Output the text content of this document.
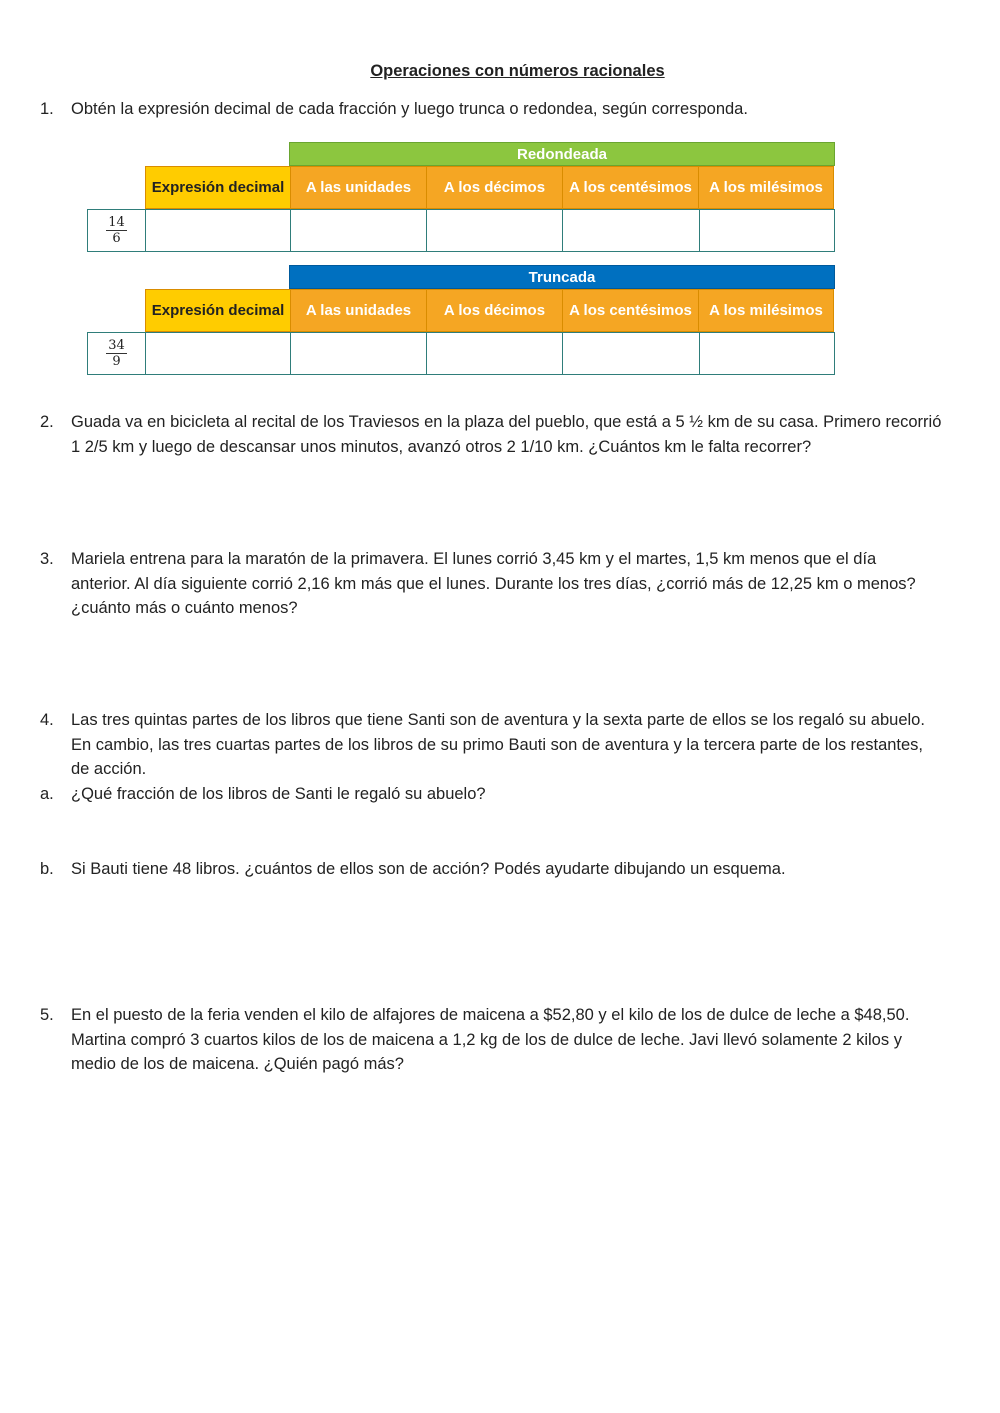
Operaciones con números racionales
1. Obtén la expresión decimal de cada fracción y luego trunca o redondea, según corresponda.
Redondeada
Expresión decimal	A las unidades	A los décimos	A los centésimos	A los milésimos
$\frac{14}{6}$
Truncada
Expresión decimal	A las unidades	A los décimos	A los centésimos	A los milésimos
$\frac{34}{9}$
2. Guada va en bicicleta al recital de los Traviesos en la plaza del pueblo, que está a 5 ½ km de su casa. Primero recorrió
1 2/5 km y luego de descansar unos minutos, avanzó otros 2 1/10 km. ¿Cuántos km le falta recorrer?
3. Mariela entrena para la maratón de la primavera. El lunes corrió 3,45 km y el martes, 1,5 km menos que el día
anterior. Al día siguiente corrió 2,16 km más que el lunes. Durante los tres días, ¿corrió más de 12,25 km o menos?
¿cuánto más o cuánto menos?
4. Las tres quintas partes de los libros que tiene Santi son de aventura y la sexta parte de ellos se los regaló su abuelo.
En cambio, las tres cuartas partes de los libros de su primo Bauti son de aventura y la tercera parte de los restantes,
de acción.
a. ¿Qué fracción de los libros de Santi le regaló su abuelo?
b. Si Bauti tiene 48 libros. ¿cuántos de ellos son de acción? Podés ayudarte dibujando un esquema.
5. En el puesto de la feria venden el kilo de alfajores de maicena a $52,80 y el kilo de los de dulce de leche a $48,50.
Martina compró 3 cuartos kilos de los de maicena a 1,2 kg de los de dulce de leche. Javi llevó solamente 2 kilos y
medio de los de maicena. ¿Quién pagó más?
